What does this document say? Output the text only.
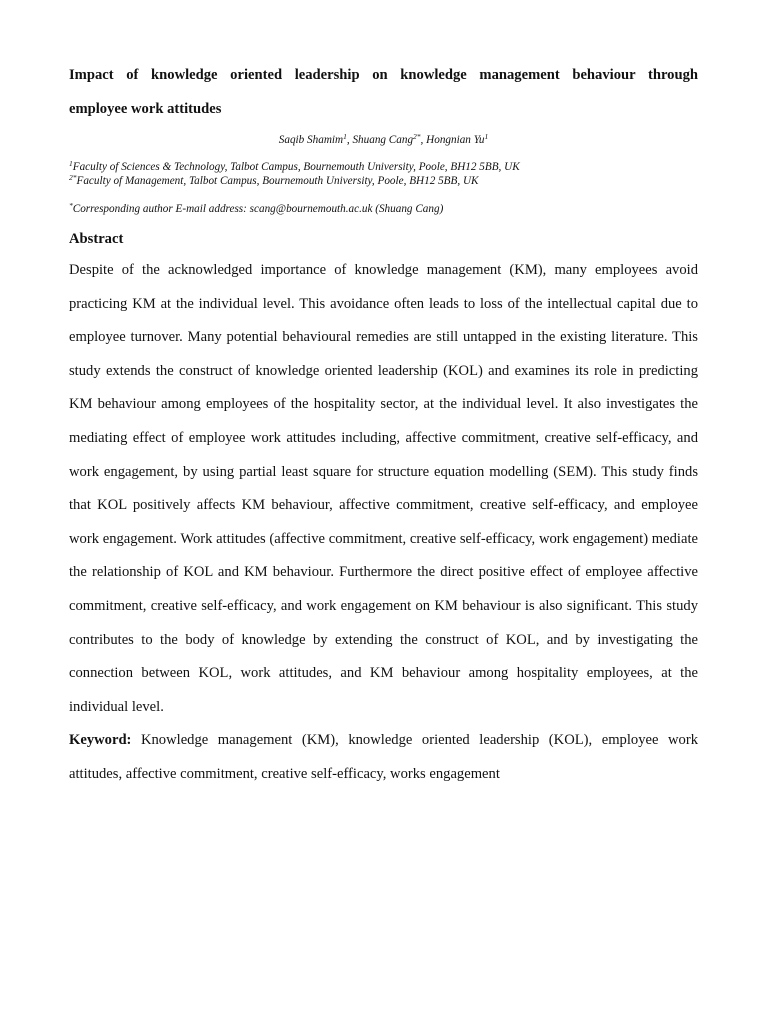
Impact of knowledge oriented leadership on knowledge management behaviour through
employee work attitudes
Saqib Shamim$^1$, Shuang Cang$^{2*}$, Hongnian Yu$^1$
$^1$Faculty of Sciences & Technology, Talbot Campus, Bournemouth University, Poole, BH12 5BB, UK
$^{2*}$Faculty of Management, Talbot Campus, Bournemouth University, Poole, BH12 5BB, UK
*Corresponding author E-mail address: scang@bournemouth.ac.uk (Shuang Cang)
Abstract

Despite of the acknowledged importance of knowledge management (KM), many employees avoid practicing KM at the individual level. This avoidance often leads to loss of the intellectual capital due to employee turnover. Many potential behavioural remedies are still untapped in the existing literature. This study extends the construct of knowledge oriented leadership (KOL) and examines its role in predicting KM behaviour among employees of the hospitality sector, at the individual level. It also investigates the mediating effect of employee work attitudes including, affective commitment, creative self-efficacy, and work engagement, by using partial least square for structure equation modelling (SEM). This study finds that KOL positively affects KM behaviour, affective commitment, creative self-efficacy, and employee work engagement. Work attitudes (affective commitment, creative self-efficacy, work engagement) mediate the relationship of KOL and KM behaviour. Furthermore the direct positive effect of employee affective commitment, creative self-efficacy, and work engagement on KM behaviour is also significant. This study contributes to the body of knowledge by extending the construct of KOL, and by investigating the connection between KOL, work attitudes, and KM behaviour among hospitality employees, at the individual level.

Keyword: Knowledge management (KM), knowledge oriented leadership (KOL), employee work attitudes, affective commitment, creative self-efficacy, works engagement
